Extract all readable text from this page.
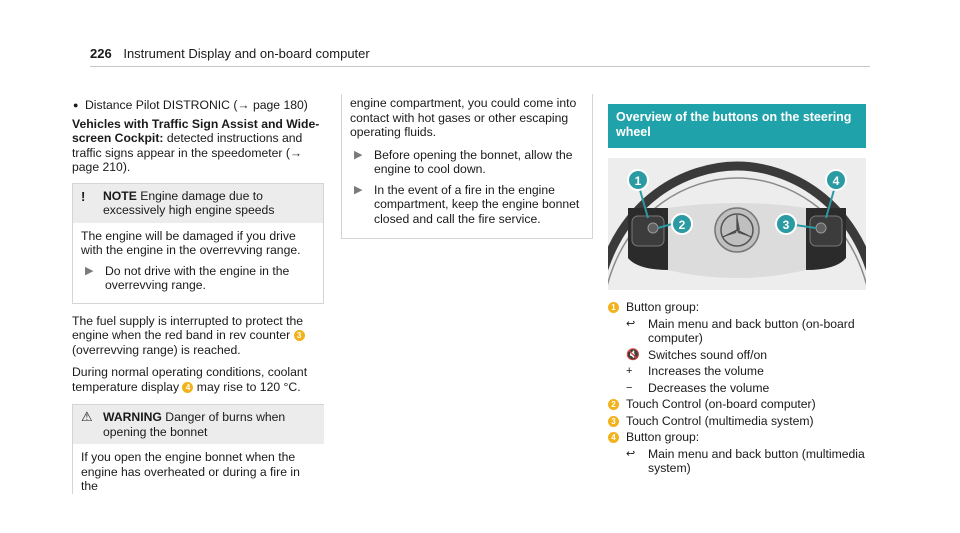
226 Instrument Display and on-board computer
● Distance Pilot DISTRONIC (→ page 180)

Vehicles with Traffic Sign Assist and Wide-screen Cockpit: detected instructions and traffic signs appear in the speedometer (→ page 210).

!	NOTE Engine damage due to excessively high engine speeds

The engine will be damaged if you drive with the engine in the overrevving range.

▶ Do not drive with the engine in the overrevving range.

The fuel supply is interrupted to protect the engine when the red band in rev counter 3 (overrevving range) is reached.

During normal operating conditions, coolant temperature display 4 may rise to 120 °C.

⚠ WARNING Danger of burns when opening the bonnet

If you open the engine bonnet when the engine has overheated or during a fire in the

engine compartment, you could come into contact with hot gases or other escaping operating fluids.

▶ Before opening the bonnet, allow the engine to cool down.
▶ In the event of a fire in the engine compartment, keep the engine bonnet closed and call the fire service.
Overview of the buttons on the steering wheel
1
2	3
4
1 Button group:
↩	Main menu and back button (on-board computer)
🔇 Switches sound off/on
+	Increases the volume
−	Decreases the volume
2 Touch Control (on-board computer)
3 Touch Control (multimedia system)
4 Button group:
↩	Main menu and back button (multimedia system)
